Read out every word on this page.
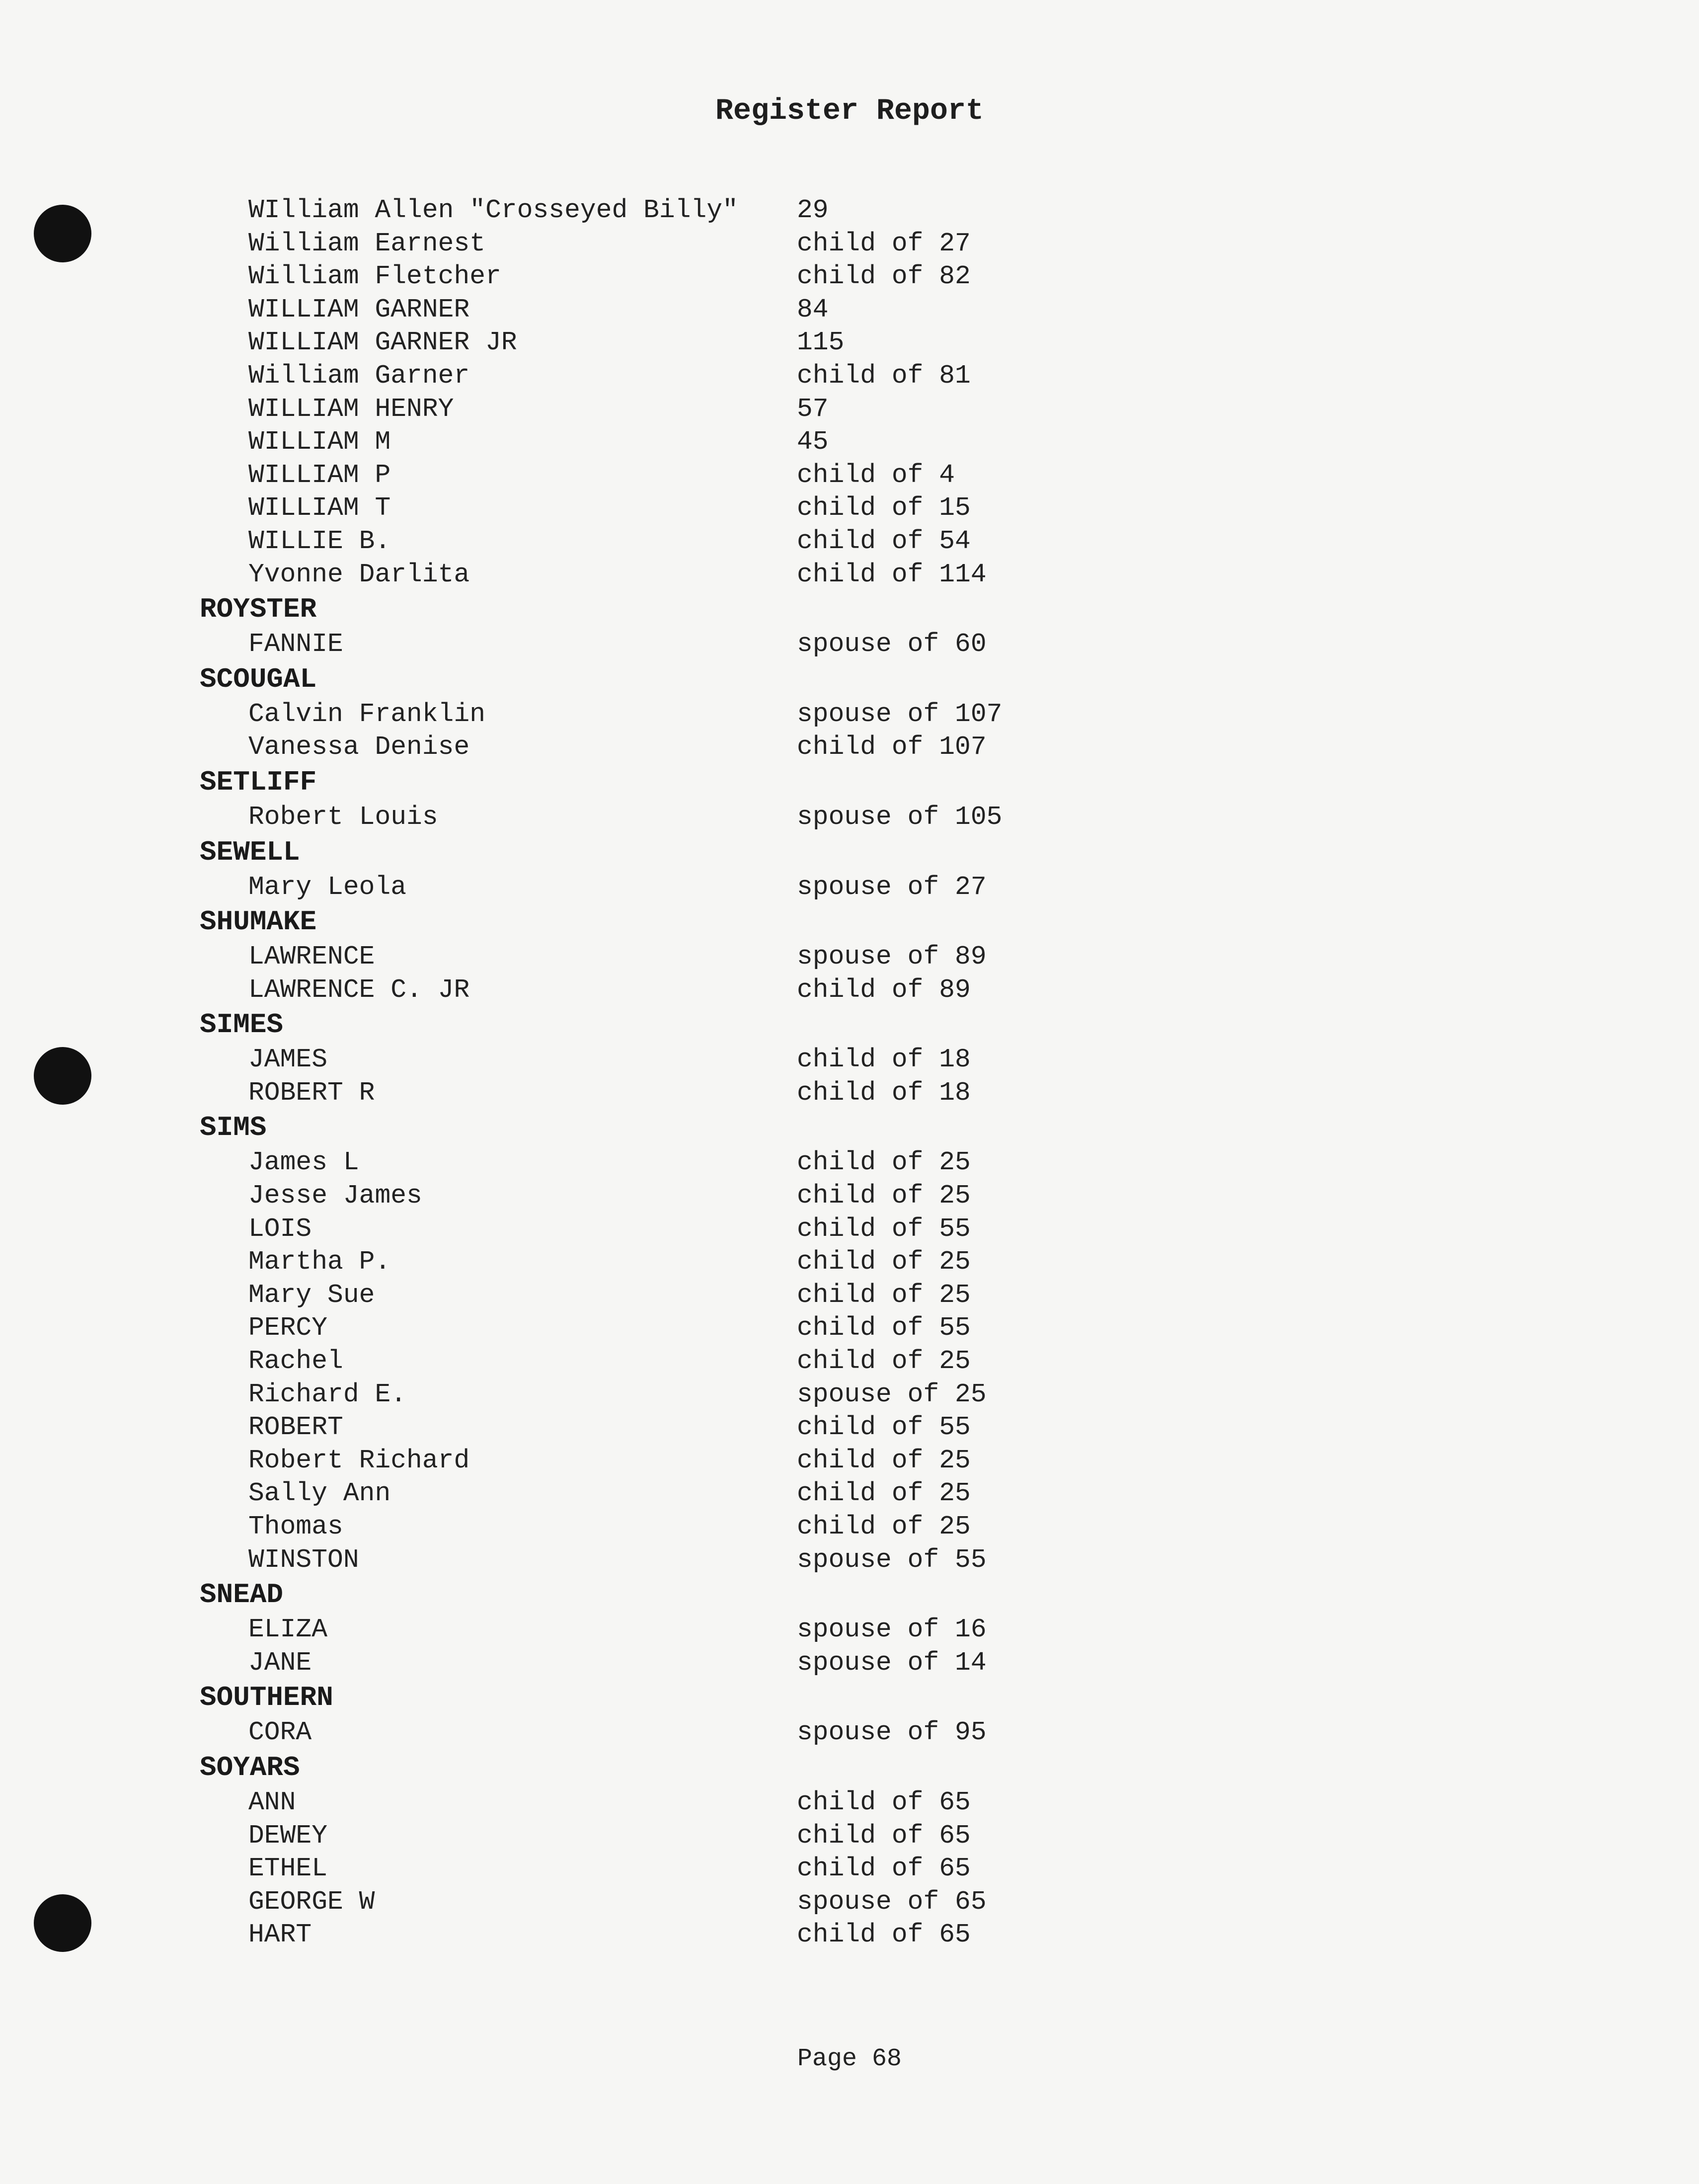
Register Report
WIlliam Allen "Crosseyed Billy" 29
William Earnest	child of 27
William Fletcher	child of 82
WILLIAM GARNER	84
WILLIAM GARNER JR	115
William Garner	child of 81
WILLIAM HENRY	57
WILLIAM M	45
WILLIAM P	child of 4
WILLIAM T	child of 15
WILLIE B.	child of 54
Yvonne Darlita	child of 114
ROYSTER
FANNIE	spouse of 60
SCOUGAL
Calvin Franklin	spouse of 107
Vanessa Denise	child of 107
SETLIFF
Robert Louis	spouse of 105
SEWELL
Mary Leola	spouse of 27
SHUMAKE
LAWRENCE	spouse of 89
LAWRENCE C. JR	child of 89
SIMES
JAMES	child of 18
ROBERT R	child of 18
SIMS
James L	child of 25
Jesse James	child of 25
LOIS	child of 55
Martha P.	child of 25
Mary Sue	child of 25
PERCY	child of 55
Rachel	child of 25
Richard E.	spouse of 25
ROBERT	child of 55
Robert Richard	child of 25
Sally Ann	child of 25
Thomas	child of 25
WINSTON	spouse of 55
SNEAD
ELIZA	spouse of 16
JANE	spouse of 14
SOUTHERN
CORA	spouse of 95
SOYARS
ANN	child of 65
DEWEY	child of 65
ETHEL	child of 65
GEORGE W	spouse of 65
HART	child of 65
Page 68
